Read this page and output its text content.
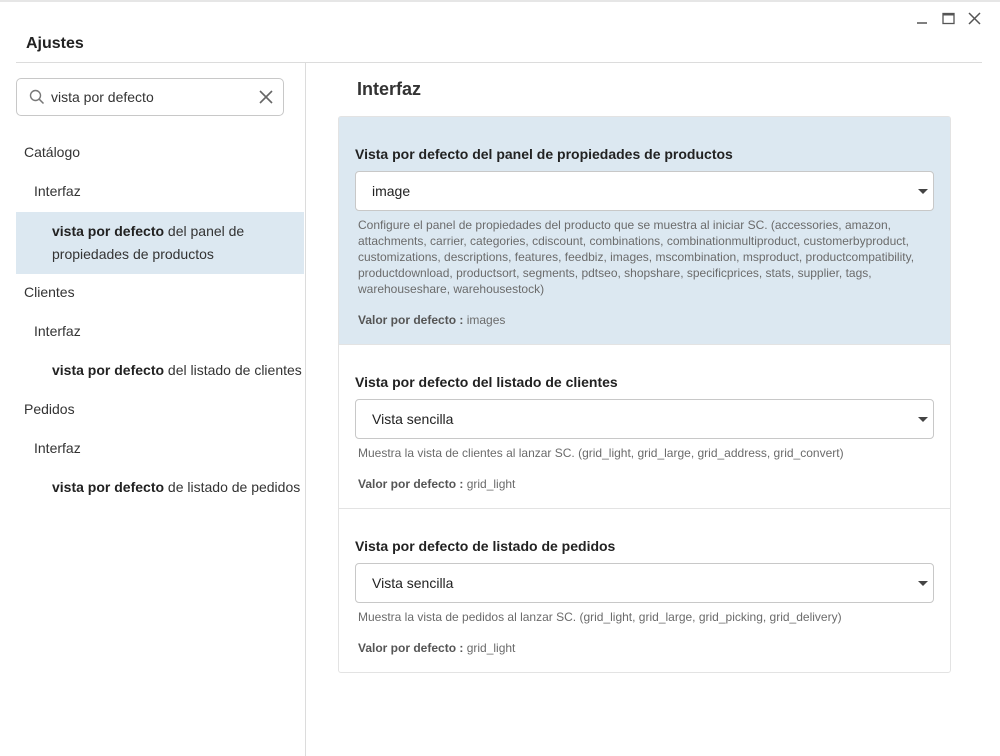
Ajustes
vista por defecto
Catálogo
Interfaz
vista por defecto del panel de propiedades de productos
Clientes
Interfaz
vista por defecto del listado de clientes
Pedidos
Interfaz
vista por defecto de listado de pedidos
Interfaz
Vista por defecto del panel de propiedades de productos
image
Configure el panel de propiedades del producto que se muestra al iniciar SC. (accessories, amazon, attachments, carrier, categories, cdiscount, combinations, combinationmultiproduct, customerbyproduct, customizations, descriptions, features, feedbiz, images, mscombination, msproduct, productcompatibility, productdownload, productsort, segments, pdtseo, shopshare, specificprices, stats, supplier, tags, warehouseshare, warehousestock)
Valor por defecto : images
Vista por defecto del listado de clientes
Vista sencilla
Muestra la vista de clientes al lanzar SC. (grid_light, grid_large, grid_address, grid_convert)
Valor por defecto : grid_light
Vista por defecto de listado de pedidos
Vista sencilla
Muestra la vista de pedidos al lanzar SC. (grid_light, grid_large, grid_picking, grid_delivery)
Valor por defecto : grid_light
